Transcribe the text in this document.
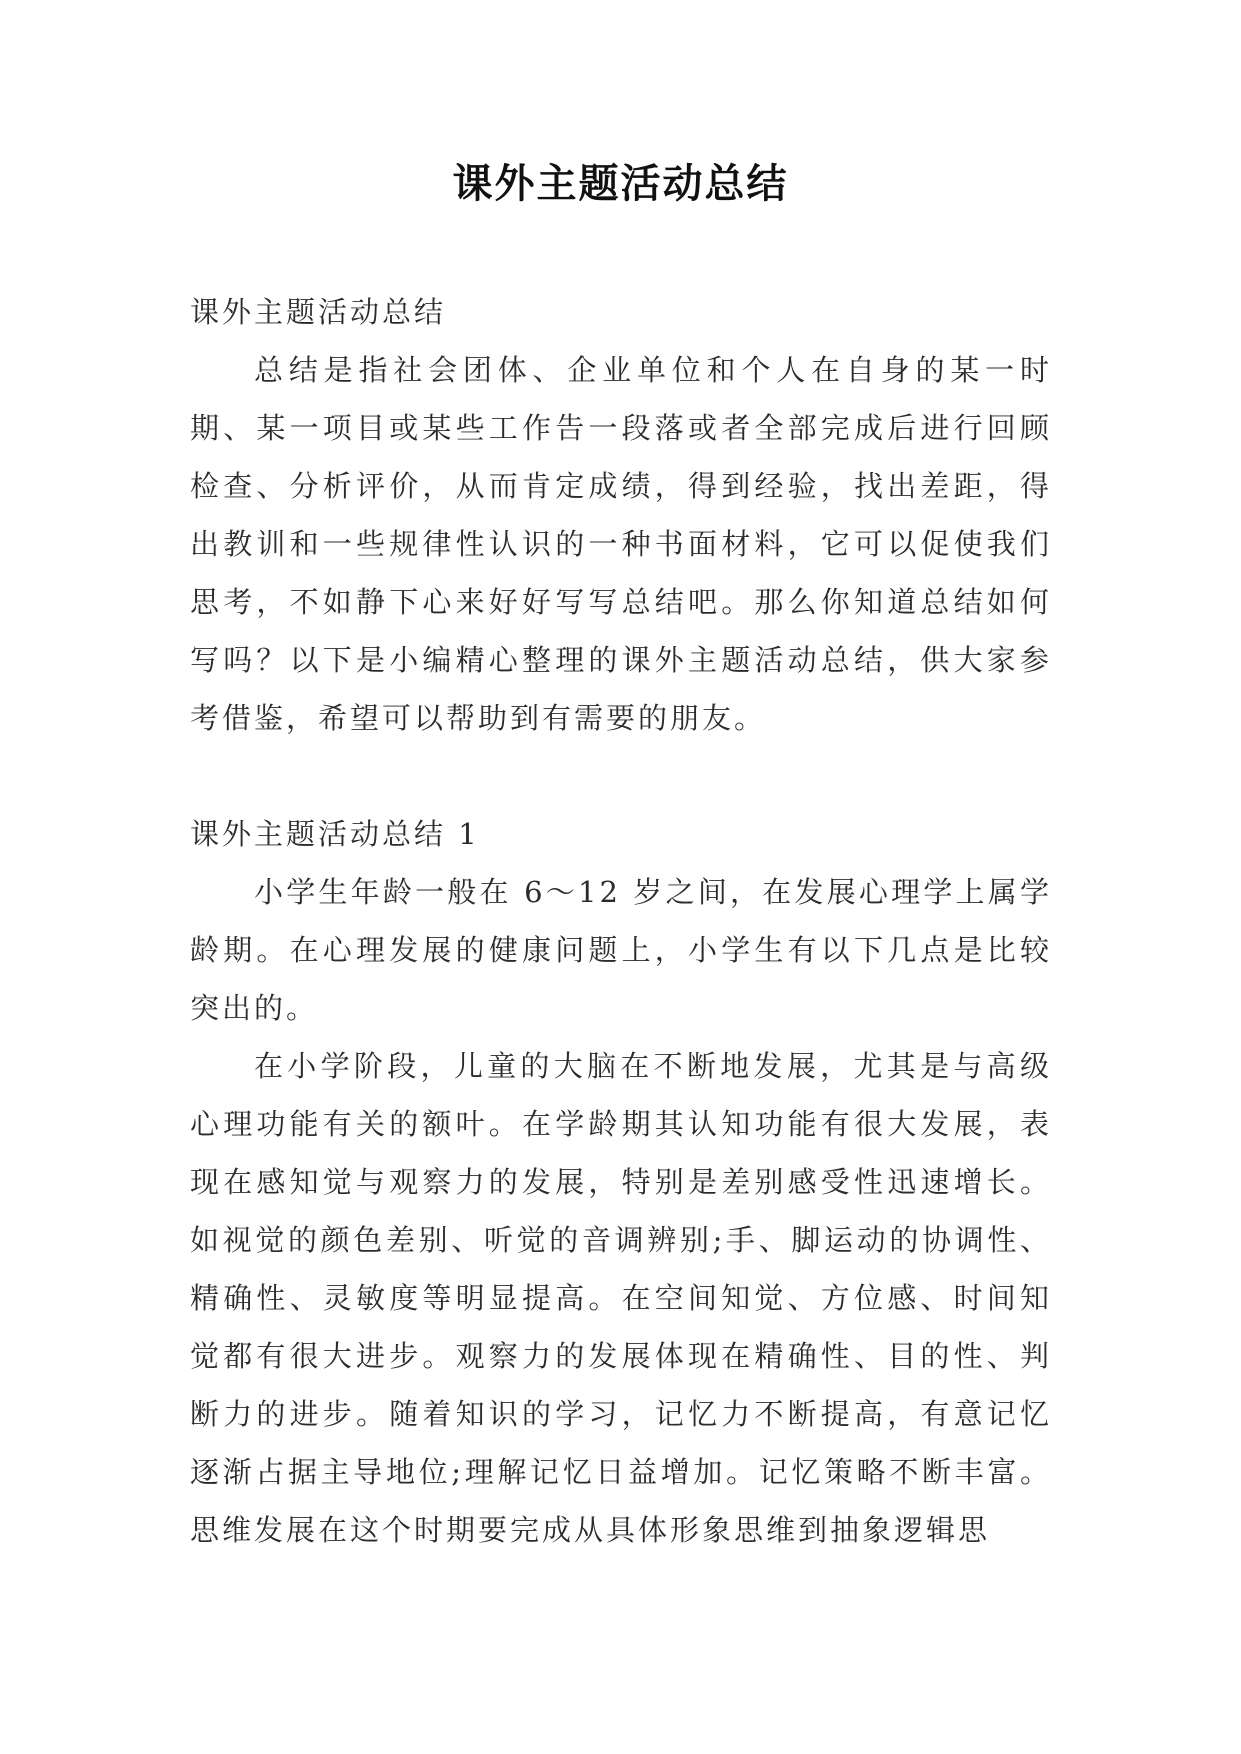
课外主题活动总结

课外主题活动总结

总结是指社会团体、企业单位和个人在自身的某一时期、某一项目或某些工作告一段落或者全部完成后进行回顾检查、分析评价，从而肯定成绩，得到经验，找出差距，得出教训和一些规律性认识的一种书面材料，它可以促使我们思考，不如静下心来好好写写总结吧。那么你知道总结如何写吗？以下是小编精心整理的课外主题活动总结，供大家参考借鉴，希望可以帮助到有需要的朋友。

课外主题活动总结 1

小学生年龄一般在 6～12 岁之间，在发展心理学上属学龄期。在心理发展的健康问题上，小学生有以下几点是比较突出的。

在小学阶段，儿童的大脑在不断地发展，尤其是与高级心理功能有关的额叶。在学龄期其认知功能有很大发展，表现在感知觉与观察力的发展，特别是差别感受性迅速增长。如视觉的颜色差别、听觉的音调辨别;手、脚运动的协调性、精确性、灵敏度等明显提高。在空间知觉、方位感、时间知觉都有很大进步。观察力的发展体现在精确性、目的性、判断力的进步。随着知识的学习，记忆力不断提高，有意记忆逐渐占据主导地位;理解记忆日益增加。记忆策略不断丰富。思维发展在这个时期要完成从具体形象思维到抽象逻辑思
